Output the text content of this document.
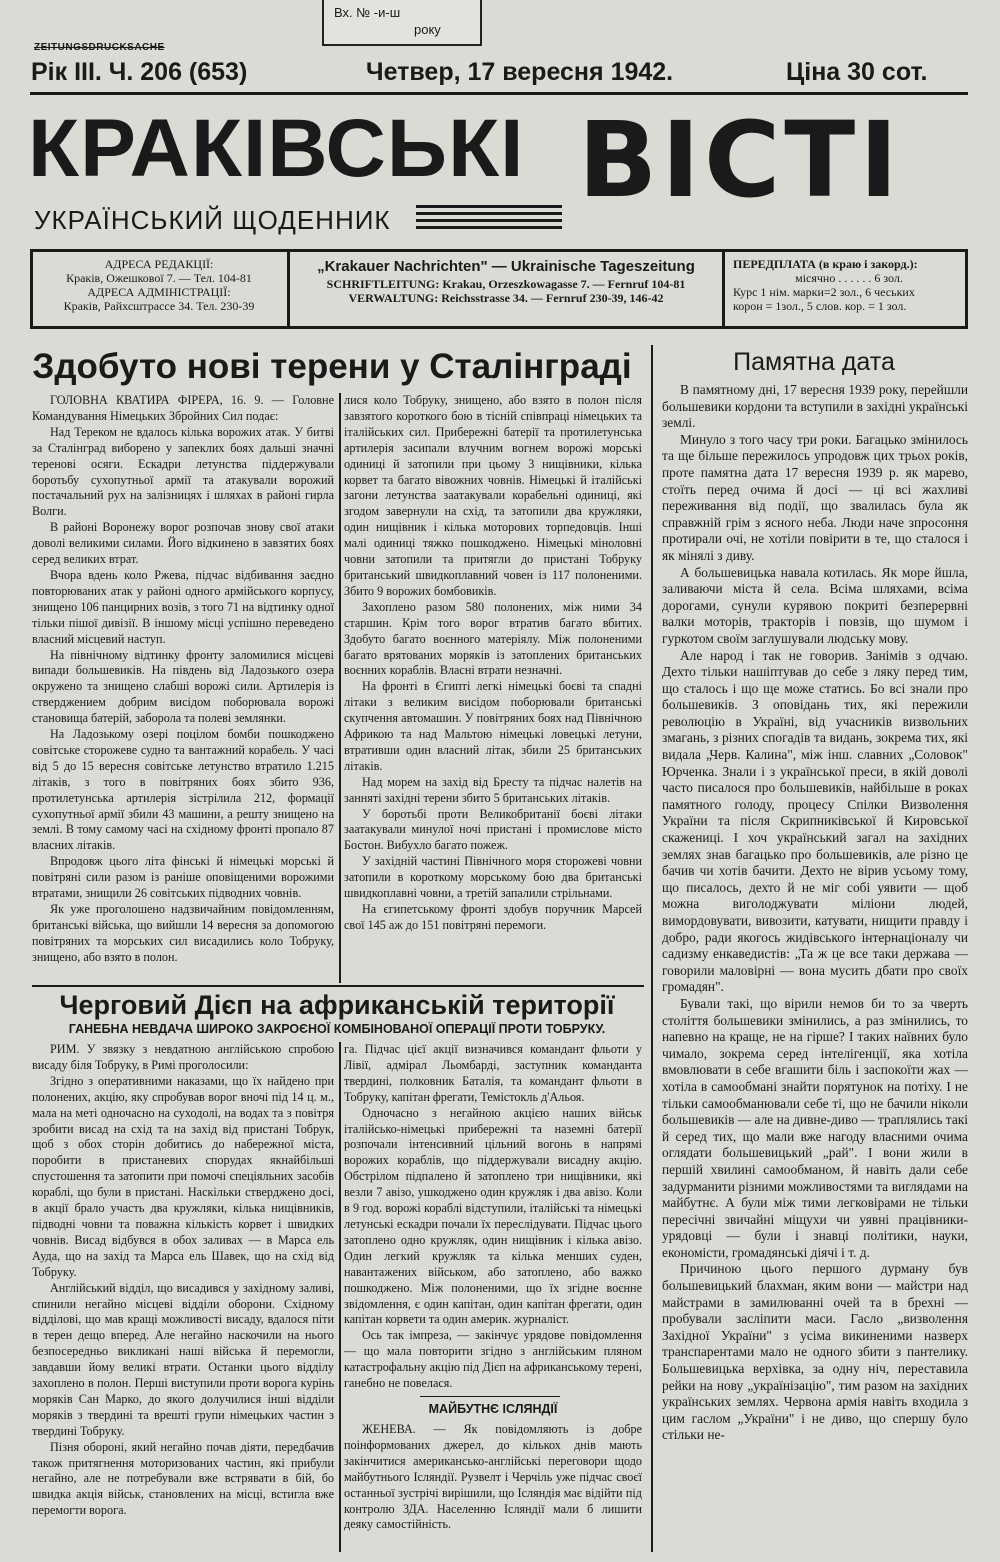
Вх. № -и-ш
року
ZEITUNGSDRUCKSACHE
Рік III. Ч. 206 (653)	Четвер, 17 вересня 1942.	Ціна 30 сот.
КРАКІВСЬКІ ВІСТІ
УКРАЇНСЬКИЙ ЩОДЕННИК
АДРЕСА РЕДАКЦІЇ:
Краків, Ожешкової 7. — Тел. 104-81
АДРЕСА АДМІНІСТРАЦІЇ:
Краків, Райхсштрассе 34. Тел. 230-39
„Krakauer Nachrichten" — Ukrainische Tageszeitung
SCHRIFTLEITUNG: Krakau, Orzeszkowagasse 7. — Fernruf 104-81
VERWALTUNG: Reichsstrasse 34. — Fernruf 230-39, 146-42
ПЕРЕДПЛАТА (в краю і закорд.):
місячно . . . . . . 6 зол.
Курс 1 нім. марки=2 зол., 6 чеських
корон = 1зол., 5 слов. кор. = 1 зол.
Здобуто нові терени у Сталінграді

ГОЛОВНА КВАТИРА ФІРЕРА, 16. 9. — Головне Командування Німецьких Збройних Сил подає:

Над Тереком не вдалось кілька ворожих атак. У битві за Сталінград виборено у запеклих боях дальші значні теренові осяги. Ескадри летунства піддержували боротьбу сухопутньої армії та атакували ворожий постачальний рух на залізницях і шляхах в районі гирла Волги.

В районі Воронежу ворог розпочав знову свої атаки доволі великими силами. Його відкинено в завзятих боях серед великих втрат.

Вчора вдень коло Ржева, підчас відбивання заєдно повторюваних атак у районі одного армійського корпусу, знищено 106 панцирних возів, з того 71 на відтинку одної тільки пішої дивізії. В іншому місці успішно переведено власний місцевий наступ.

На північному відтинку фронту заломилися місцеві випади большевиків. На південь від Ладозького озера окружено та знищено слабші ворожі сили. Артилерія із стверджением добрим висідом поборювала ворожі становища батерій, заборола та полеві землянки.

На Ладозькому озері поцілом бомби пошкоджено совітське сторожеве судно та вантажний корабель. У часі від 5 до 15 вересня совітське летунство втратило 1.215 літаків, з того в повітряних боях збито 936, протилетунська артилерія зістрілила 212, формації сухопутньої армії збили 43 машини, а решту знищено на землі. В тому самому часі на східному фронті пропало 87 власних літаків.

Впродовж цього літа фінські й німецькі морські й повітряні сили разом із раніше оповіщеними ворожими втратами, знищили 26 совітських підводних човнів.

Як уже проголошено надзвичайним повідомленням, британські війська, що вийшли 14 вересня за допомогою повітряних та морських сил висадились коло Тобруку, знищено, або взято в полон.

лися коло Тобруку, знищено, або взято в полон після завзятого короткого бою в тісній співпраці німецьких та італійських сил. Прибережні батерії та протилетунська артилерія засипали влучним вогнем ворожі морські одиниці й затопили при цьому 3 нищівники, кілька корвет та багато вівожних човнів. Німецькі й італійські загони летунства заатакували корабельні одиниці, які згодом завернули на схід, та затопили два кружляки, один нищівник і кілька моторових торпедовців. Інші малі одиниці тяжко пошкоджено. Німецькі міноловні човни затопили та притягли до пристані Тобруку британський швидкоплавний човен із 117 полоненими. Збито 9 ворожих бомбовиків.

Захоплено разом 580 полонених, між ними 34 старшин. Крім того ворог втратив багато вбитих. Здобуто багато воєнного матеріялу. Між полоненими багато врятованих моряків із затоплених британських воєнних кораблів. Власні втрати незначні.

На фронті в Єгипті легкі німецькі боєві та спадні літаки з великим висідом поборювали британські скупчення автомашин. У повітряних боях над Північною Африкою та над Мальтою німецькі ловецькі летуни, втративши один власний літак, збили 25 британських літаків.

Над морем на захід від Бресту та підчас налетів на занняті західні терени збито 5 британських літаків.

У боротьбі проти Великобританії боєві літаки заатакували минулої ночі пристані і промислове місто Бостон. Вибухло багато пожеж.

У західній частині Північного моря сторожеві човни затопили в короткому морському бою два британські швидкоплавні човни, а третій запалили стрільнами.

На єгипетському фронті здобув поручник Марсей свої 145 аж до 151 повітряні перемоги.

Черговий Дієп на африканській території
ГАНЕБНА НЕВДАЧА ШИРОКО ЗАКРОЄНОЇ КОМБІНОВАНОЇ ОПЕРАЦІЇ ПРОТИ ТОБРУКУ.

РИМ. У звязку з невдатною англійською спробою висаду біля Тобруку, в Римі проголосили:

Згідно з оперативними наказами, що їх найдено при полонених, акцію, яку спробував ворог вночі під 14 ц. м., мала на меті одночасно на суходолі, на водах та з повітря зробити висад на схід та на захід від пристані Тобрук, щоб з обох сторін добитись до набережної міста, поробити в пристаневих спорудах якнайбільші спустошення та затопити при помочі спеціяльних засобів кораблі, що були в пристані. Наскільки стверджено досі, в акції брало участь два кружляки, кілька нищівників, підводні човни та поважна кількість корвет і швидких човнів. Висад відбувся в обох заливах — в Марса ель Ауда, що на захід та Марса ель Шавек, що на схід від Тобруку.

Англійський відділ, що висадився у західному заливі, спинили негайно місцеві відділи оборони. Східному відділові, що мав кращі можливості висаду, вдалося піти в терен дещо вперед. Але негайно наскочили на нього безпосередньо викликані наші війська й перемогли, завдавши йому великі втрати. Останки цього відділу захоплено в полон. Перші виступили проти ворога курінь моряків Сан Марко, до якого долучилися інші відділи моряків з твердині та врешті групи німецьких частин з твердині Тобруку.

Пізня обороні, який негайно почав діяти, передбачив також притягнення моторизованих частин, які прибули негайно, але не потребували вже встрявати в бій, бо швидка акція військ, становлених на місці, встигла вже перемогти ворога.

га. Підчас цієї акції визначився командант фльоти у Лівії, адмірал Льомбарді, заступник команданта твердині, полковник Баталія, та командант фльоти в Тобруку, капітан фрегати, Темістокль д'Альоя.

Одночасно з негайною акцією наших військ італійсько-німецькі прибережні та наземні батерії розпочали інтенсивний цільний вогонь в напрямі ворожих кораблів, що піддержували висадну акцію. Обстрілом підпалено й затоплено три нищівники, які везли 7 авізо, ушкоджено один кружляк і два авізо. Коли в 9 год. ворожі кораблі відступили, італійські та німецькі летунські ескадри почали їх переслідувати. Підчас цього затоплено одно кружляк, один нищівник і кілька авізо. Один легкий кружляк та кілька менших суден, навантажених військом, або затоплено, або важко пошкоджено. Між полоненими, що їх згідне воєнне звідомлення, є один капітан, один капітан фрегати, один капітан корвети та один америк. журналіст.

Ось так імпреза, — закінчує урядове повідомлення — що мала повторити згідно з англійським пляном катастрофальну акцію під Дієп на африканському терені, ганебно не повелася.

МАЙБУТНЄ ІСЛЯНДІЇ

ЖЕНЕВА. — Як повідомляють із добре поінформованих джерел, до кількох днів мають закінчитися американсько-англійські переговори щодо майбутнього Ісляндії. Рузвелт і Черчіль уже підчас своєї останньої зустрічі вирішили, що Ісляндія має відійти під контролю ЗДА. Населенню Ісляндії мали б лишити деяку самостійність.

Памятна дата

В памятному дні, 17 вересня 1939 року, перейшли большевики кордони та вступили в західні українські землі.

Минуло з того часу три роки. Багацько змінилось та ще більше пережилось упродовж цих трьох років, проте памятна дата 17 вересня 1939 р. як марево, стоїть перед очима й досі — ці всі жахливі переживання від події, що звалилась була як справжній грім з ясного неба. Люди наче зпросоння протирали очі, не хотіли повірити в те, що сталося і як мінялі з диву.

А большевицька навала котилась. Як море йшла, заливаючи міста й села. Всіма шляхами, всіма дорогами, сунули курявою покриті безперервні валки моторів, тракторів і повзів, що шумом і гуркотом своїм заглушували людську мову.

Але народ і так не говорив. Занімів з одчаю. Дехто тільки нашіптував до себе з ляку перед тим, що сталось і що ще може статись. Бо всі знали про большевиків. З оповідань тих, які пережили революцію в Україні, від учасників визвольних змагань, з різних спогадів та видань, зокрема тих, які видала „Черв. Калина", між інш. славних „Соловок" Юрченка. Знали і з української преси, в якій доволі часто писалося про большевиків, найбільше в роках памятного голоду, процесу Спілки Визволення України та після Скрипниківської й Кировської скажениці. І хоч український загал на західних землях знав багацько про большевиків, але різно це бачив чи хотів бачити. Дехто не вірив усьому тому, що писалось, дехто й не міг собі уявити — щоб можна виголоджувати міліони людей, вимордовувати, вивозити, катувати, нищити правду і добро, ради якогось жидівського інтернаціоналу чи садизму енкаведистів: „Та ж це все таки держава — говорили маловірні — вона мусить дбати про своїх громадян".

Бували такі, що вірили немов би то за чверть століття большевики змінились, а раз змінились, то напевно на краще, не на гірше? І таких наївних було чимало, зокрема серед інтелігенції, яка хотіла вмовлювати в себе вгашити біль і заспокоїти жах — хотіла в самообмані знайти порятунок на потіху. І не тільки самообманювали себе ті, що не бачили ніколи большевиків — але на дивне-диво — траплялись такі й серед тих, що мали вже нагоду власними очима оглядати большевицький „рай". І вони жили в першій хвилині самообманом, й навіть дали себе задурманити різними можливостями та виглядами на майбутнє. А були між тими легковірами не тільки пересічні звичайні міщухи чи уявні працівники-урядовці — були і знавці політики, науки, економісти, громадянські діячі і т. д.

Причиною цього першого дурману був большевицький блахман, яким вони — майстри над майстрами в замилюванні очей та в брехні — пробували засліпити маси. Гасло „визволення Західної України" з усіма викиненими назверх транспарентами мало не одного збити з пантелику. Большевицька верхівка, за одну ніч, переставила рейки на нову „українізацію", тим разом на західних українських землях. Червона армія навіть входила з цим гаслом „України" і не диво, що спершу було стільки не-
